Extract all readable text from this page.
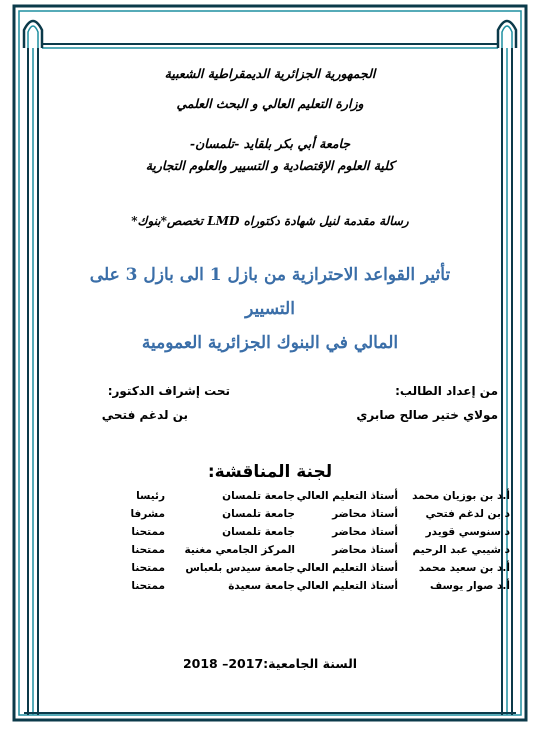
الجمهورية الجزائرية الديمقراطية الشعبية
وزارة التعليم العالي و البحث العلمي
جامعة أبي بكر بلقايد -تلمسان-
كلية العلوم الإقتصادية و التسيير والعلوم التجارية
رسالة مقدمة لنيل شهادة دكتوراه LMD تخصص*بنوك*
تأثير القواعد الاحترازية من بازل 1 الى بازل 3 على التسيير
المالي في البنوك الجزائرية العمومية
من إعداد الطالب:
مولاي ختير صالح صابري
تحت إشراف الدكتور:
بن لدغم فتحي
لجنة المناقشة:
أ.د بن بوزيان محمد
أستاذ التعليم العالي
جامعة تلمسان
رئيسا
د بن لدغم فتحي
أستاذ محاضر
جامعة تلمسان
مشرفا
د سنوسي قويدر
أستاذ محاضر
جامعة تلمسان
ممتحنا
د شيبي عبد الرحيم
أستاذ محاضر
المركز الجامعي مغنية
ممتحنا
أ.د بن سعيد محمد
أستاذ التعليم العالي
جامعة سيدس بلعباس
ممتحنا
أ.د صوار يوسف
أستاذ التعليم العالي
جامعة سعيدة
ممتحنا
السنة الجامعية:2017– 2018
